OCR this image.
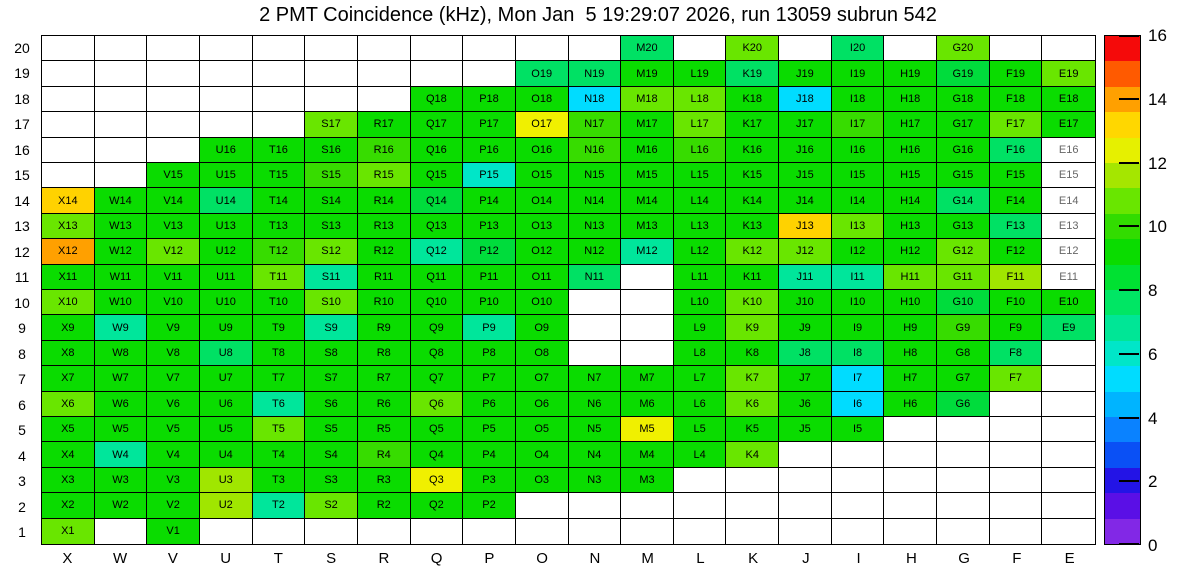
2 PMT Coincidence (kHz), Mon Jan  5 19:29:07 2026, run 13059 subrun 542
20
19
18
17
16
15
14
13
12
11
10
9
8
7
6
5
4
3
2
1
M20	K20	I20	G20
O19	N19	M19	L19	K19	J19	I19	H19	G19	F19	E19
Q18	P18	O18	N18	M18	L18	K18	J18	I18	H18	G18	F18	E18
S17	R17	Q17	P17	O17	N17	M17	L17	K17	J17	I17	H17	G17	F17	E17
U16	T16	S16	R16	Q16	P16	O16	N16	M16	L16	K16	J16	I16	H16	G16	F16	E16
V15	U15	T15	S15	R15	Q15	P15	O15	N15	M15	L15	K15	J15	I15	H15	G15	F15	E15
X14	W14	V14	U14	T14	S14	R14	Q14	P14	O14	N14	M14	L14	K14	J14	I14	H14	G14	F14	E14
X13	W13	V13	U13	T13	S13	R13	Q13	P13	O13	N13	M13	L13	K13	J13	I13	H13	G13	F13	E13
X12	W12	V12	U12	T12	S12	R12	Q12	P12	O12	N12	M12	L12	K12	J12	I12	H12	G12	F12	E12
X11	W11	V11	U11	T11	S11	R11	Q11	P11	O11	N11	L11	K11	J11	I11	H11	G11	F11	E11
X10	W10	V10	U10	T10	S10	R10	Q10	P10	O10	L10	K10	J10	I10	H10	G10	F10	E10
X9	W9	V9	U9	T9	S9	R9	Q9	P9	O9	L9	K9	J9	I9	H9	G9	F9	E9
X8	W8	V8	U8	T8	S8	R8	Q8	P8	O8	L8	K8	J8	I8	H8	G8	F8
X7	W7	V7	U7	T7	S7	R7	Q7	P7	O7	N7	M7	L7	K7	J7	I7	H7	G7	F7
X6	W6	V6	U6	T6	S6	R6	Q6	P6	O6	N6	M6	L6	K6	J6	I6	H6	G6
X5	W5	V5	U5	T5	S5	R5	Q5	P5	O5	N5	M5	L5	K5	J5	I5
X4	W4	V4	U4	T4	S4	R4	Q4	P4	O4	N4	M4	L4	K4
X3	W3	V3	U3	T3	S3	R3	Q3	P3	O3	N3	M3
X2	W2	V2	U2	T2	S2	R2	Q2	P2
X1	V1
X	W	V	U	T	S	R	Q	P	O	N	M	L	K	J	I	H	G	F	E
0
2
4
6
8
10
12
14
16
